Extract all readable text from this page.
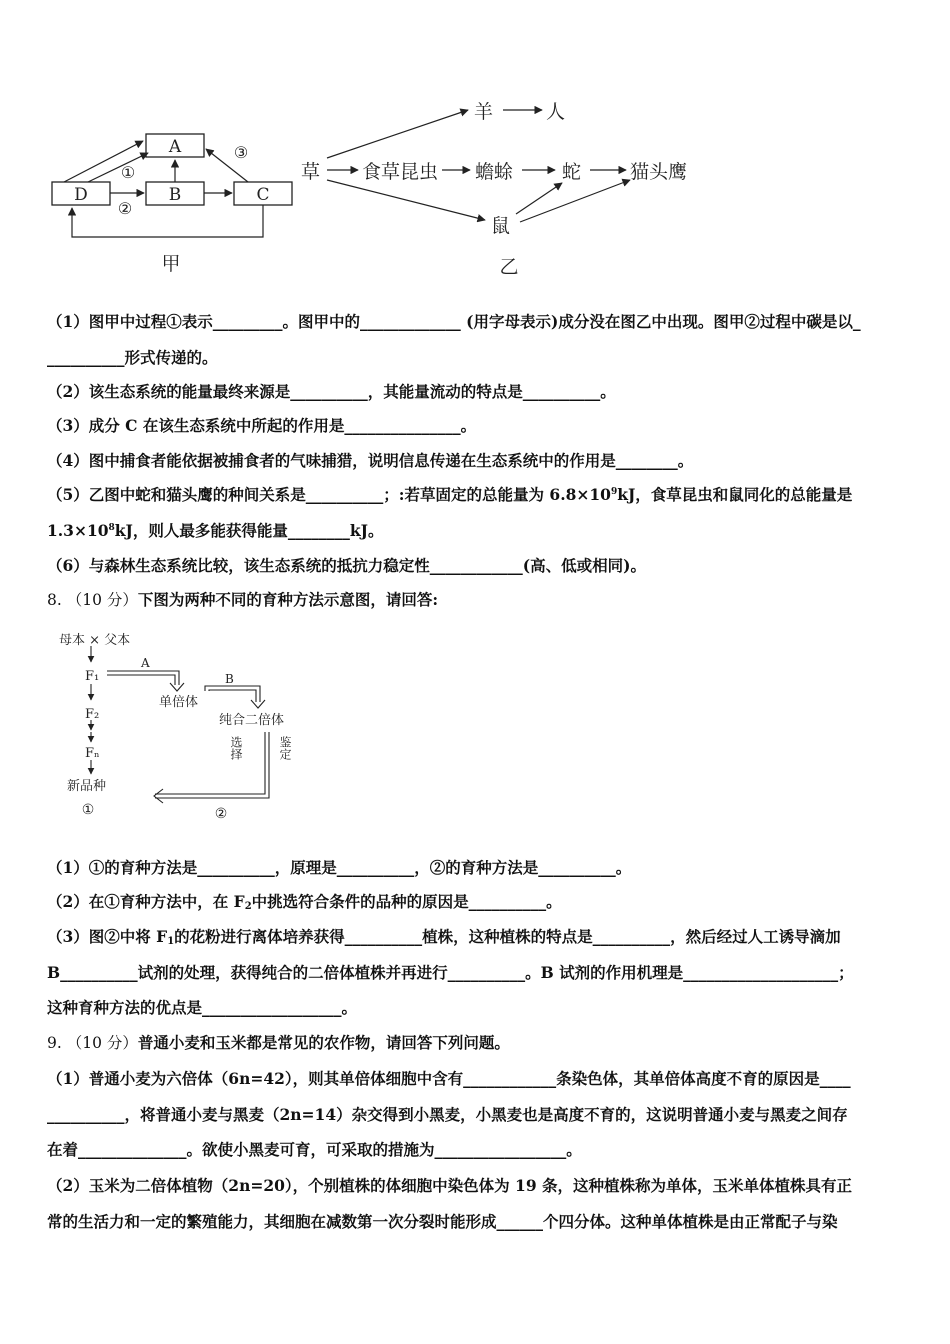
A
B	C
D
①
②
③
甲
草 食草昆虫 蟾蜍	蛇	猫头鹰
羊	人
鼠
乙
（1）图甲中过程①表示_________。图甲中的_____________ (用字母表示)成分没在图乙中出现。图甲②过程中碳是以_
__________形式传递的。
（2）该生态系统的能量最终来源是__________，其能量流动的特点是__________。
（3）成分 C 在该生态系统中所起的作用是_______________。
（4）图中捕食者能依据被捕食者的气味捕猎，说明信息传递在生态系统中的作用是________。
（5）乙图中蛇和猫头鹰的种间关系是__________；:若草固定的总能量为 $6.8\times 10^9kJ$，食草昆虫和鼠同化的总能量是
$1.3\times 10^8kJ$，则人最多能获得能量________kJ。
（6）与森林生态系统比较，该生态系统的抵抗力稳定性____________(高、低或相同)。
8. （10 分）下图为两种不同的育种方法示意图，请回答:
母本 × 父本
F₁
F₂
Fₙ
新品种
A
B
单倍体
纯合二倍体
选择	鉴定
①	②
（1）①的育种方法是__________，原理是__________，②的育种方法是__________。
（2）在①育种方法中，在 $F_2$中挑选符合条件的品种的原因是__________。
（3）图②中将 $F_1$的花粉进行离体培养获得__________植株，这种植株的特点是__________，然后经过人工诱导滴加
B__________试剂的处理，获得纯合的二倍体植株并再进行__________。B 试剂的作用机理是____________________；
这种育种方法的优点是__________________。
9. （10 分）普通小麦和玉米都是常见的农作物，请回答下列问题。
（1）普通小麦为六倍体（6n=42），则其单倍体细胞中含有____________条染色体，其单倍体高度不育的原因是____
__________，将普通小麦与黑麦（2n=14）杂交得到小黑麦，小黑麦也是高度不育的，这说明普通小麦与黑麦之间存
在着______________。欲使小黑麦可育，可采取的措施为_________________。
（2）玉米为二倍体植物（2n=20），个别植株的体细胞中染色体为 19 条，这种植株称为单体，玉米单体植株具有正
常的生活力和一定的繁殖能力，其细胞在减数第一次分裂时能形成______个四分体。这种单体植株是由正常配子与染
